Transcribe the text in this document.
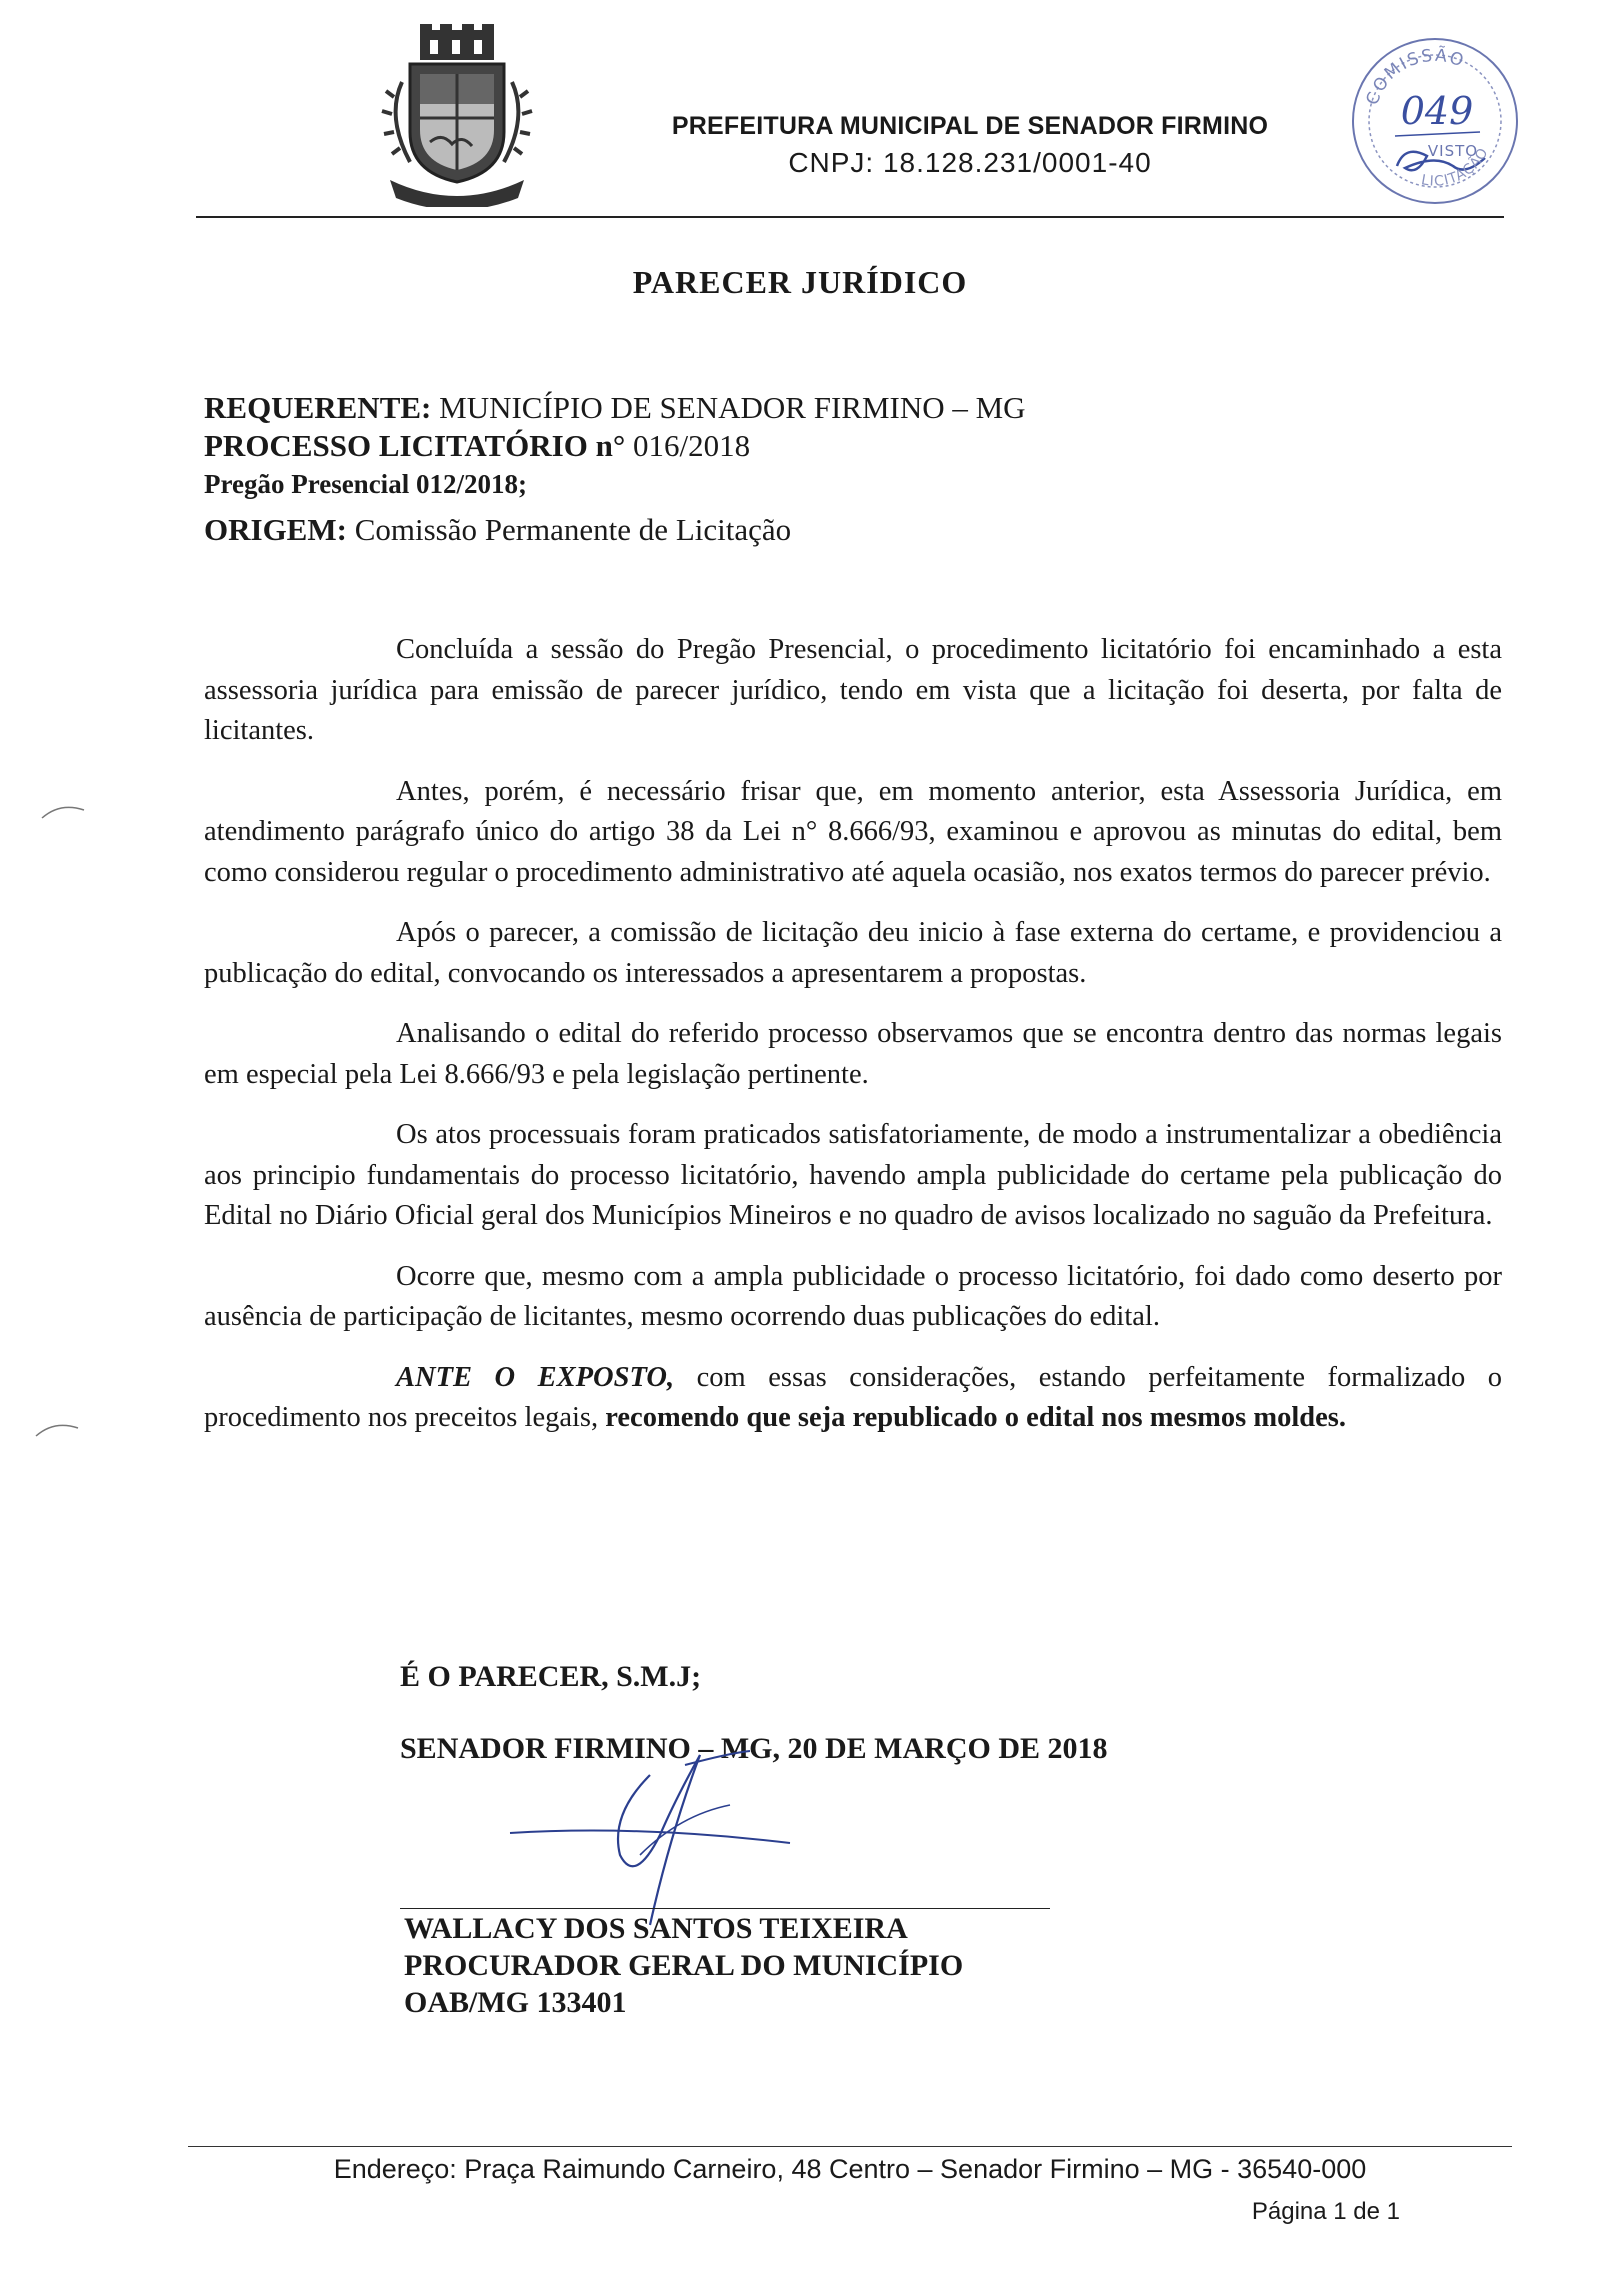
PREFEITURA MUNICIPAL DE SENADOR FIRMINO
CNPJ: 18.128.231/0001-40
COMISSÃO
049
VISTO
LICITAÇÃO
PARECER JURÍDICO
REQUERENTE: MUNICÍPIO DE SENADOR FIRMINO – MG
PROCESSO LICITATÓRIO n° 016/2018
Pregão Presencial 012/2018;
ORIGEM: Comissão Permanente de Licitação

Concluída a sessão do Pregão Presencial, o procedimento licitatório foi encaminhado a esta assessoria jurídica para emissão de parecer jurídico, tendo em vista que a licitação foi deserta, por falta de licitantes.

Antes, porém, é necessário frisar que, em momento anterior, esta Assessoria Jurídica, em atendimento parágrafo único do artigo 38 da Lei n° 8.666/93, examinou e aprovou as minutas do edital, bem como considerou regular o procedimento administrativo até aquela ocasião, nos exatos termos do parecer prévio.

Após o parecer, a comissão de licitação deu inicio à fase externa do certame, e providenciou a publicação do edital, convocando os interessados a apresentarem a propostas.

Analisando o edital do referido processo observamos que se encontra dentro das normas legais em especial pela Lei 8.666/93 e pela legislação pertinente.

Os atos processuais foram praticados satisfatoriamente, de modo a instrumentalizar a obediência aos principio fundamentais do processo licitatório, havendo ampla publicidade do certame pela publicação do Edital no Diário Oficial geral dos Municípios Mineiros e no quadro de avisos localizado no saguão da Prefeitura.

Ocorre que, mesmo com a ampla publicidade o processo licitatório, foi dado como deserto por ausência de participação de licitantes, mesmo ocorrendo duas publicações do edital.

ANTE O EXPOSTO, com essas considerações, estando perfeitamente formalizado o procedimento nos preceitos legais, recomendo que seja republicado o edital nos mesmos moldes.

É O PARECER, S.M.J;
SENADOR FIRMINO – MG, 20 DE MARÇO DE 2018
WALLACY DOS SANTOS TEIXEIRA
PROCURADOR GERAL DO MUNICÍPIO
OAB/MG 133401
Endereço: Praça Raimundo Carneiro, 48 Centro – Senador Firmino – MG - 36540-000
Página 1 de 1
